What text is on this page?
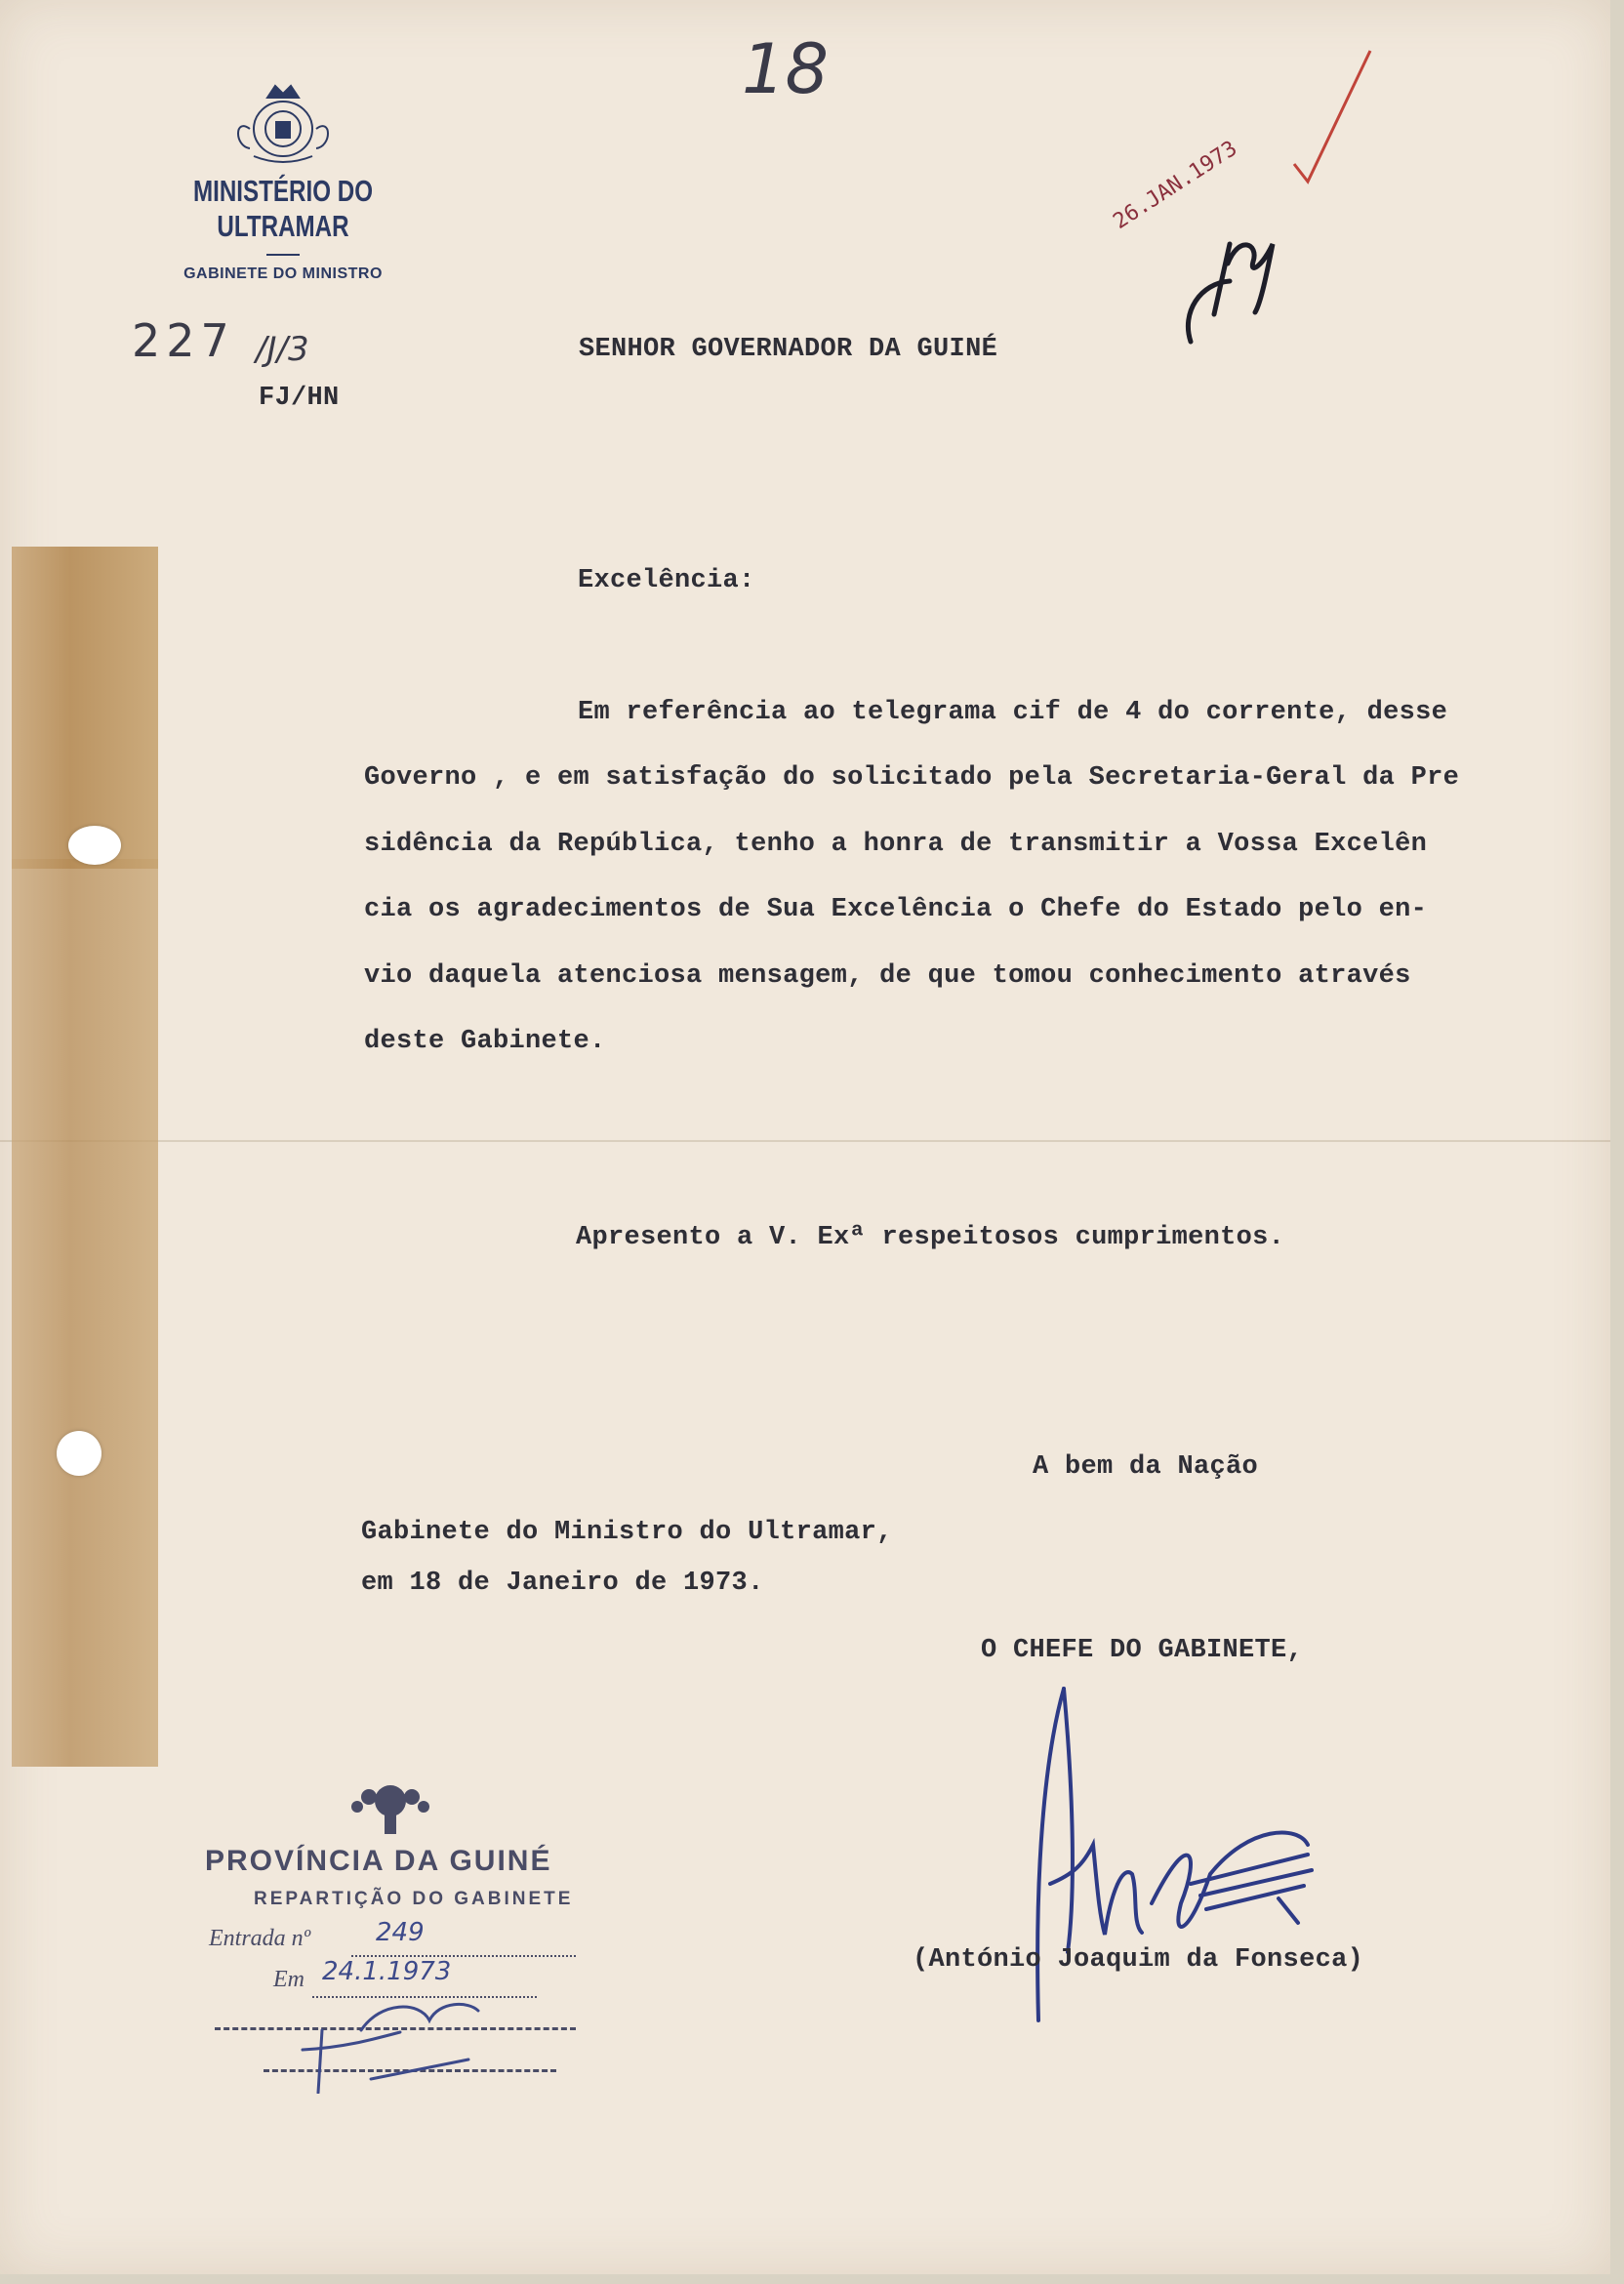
MINISTÉRIO DO ULTRAMAR
GABINETE DO MINISTRO
18
26.JAN.1973
227 /J/3
FJ/HN
SENHOR GOVERNADOR DA GUINÉ
Excelência:
Em referência ao telegrama cif de 4 do corrente, desse
Governo , e em satisfação do solicitado pela Secretaria-Geral da Pre
sidência da República, tenho a honra de transmitir a Vossa Excelên
cia os agradecimentos de Sua Excelência o Chefe do Estado pelo en-
vio daquela atenciosa mensagem, de que tomou conhecimento através
deste Gabinete.
Apresento a V. Exª respeitosos cumprimentos.
A bem da Nação
Gabinete do Ministro do Ultramar,
em 18 de Janeiro de 1973.
O CHEFE DO GABINETE,
(António Joaquim da Fonseca)
PROVÍNCIA DA GUINÉ
REPARTIÇÃO DO GABINETE
Entrada nº	249
Em 24.1.1973
